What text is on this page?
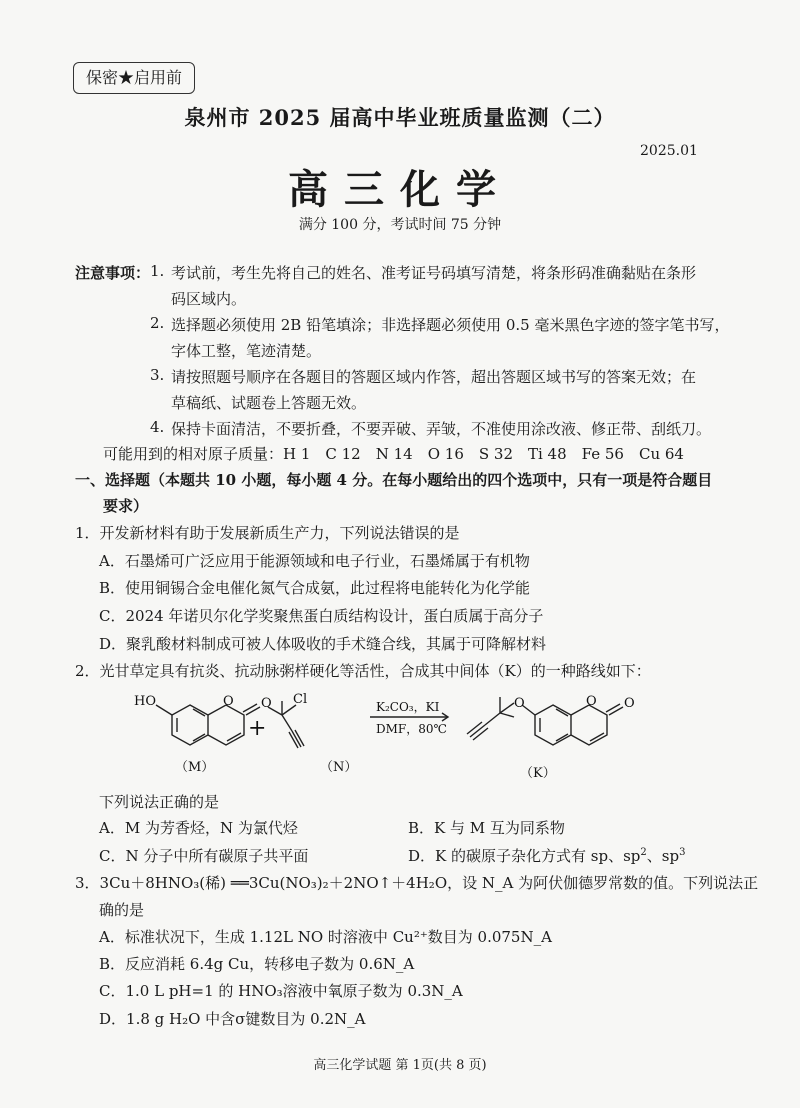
保密★启用前
泉州市 2025 届高中毕业班质量监测（二）
2025.01
高三化学
满分 100 分，考试时间 75 分钟
注意事项： 1. 考试前，考生先将自己的姓名、准考证号码填写清楚，将条形码准确黏贴在条形
码区域内。
2. 选择题必须使用 2B 铅笔填涂；非选择题必须使用 0.5 毫米黑色字迹的签字笔书写，
字体工整，笔迹清楚。
3. 请按照题号顺序在各题目的答题区域内作答，超出答题区域书写的答案无效；在
草稿纸、试题卷上答题无效。
4. 保持卡面清洁，不要折叠，不要弄破、弄皱，不准使用涂改液、修正带、刮纸刀。
可能用到的相对原子质量：H 1　C 12　N 14　O 16　S 32　Ti 48　Fe 56　Cu 64
一、选择题（本题共 10 小题，每小题 4 分。在每小题给出的四个选项中，只有一项是符合题目
要求）
1．开发新材料有助于发展新质生产力，下列说法错误的是
A．石墨烯可广泛应用于能源领域和电子行业，石墨烯属于有机物
B．使用铜锡合金电催化氮气合成氨，此过程将电能转化为化学能
C．2024 年诺贝尔化学奖聚焦蛋白质结构设计，蛋白质属于高分子
D．聚乳酸材料制成可被人体吸收的手术缝合线，其属于可降解材料
2．光甘草定具有抗炎、抗动脉粥样硬化等活性，合成其中间体（K）的一种路线如下：
HO	O O Cl	O	O O
+
K₂CO₃，KI
DMF，80℃
（M）	（N）	（K）
下列说法正确的是
A．M 为芳香烃，N 为氯代烃	B．K 与 M 互为同系物
C．N 分子中所有碳原子共平面	D．K 的碳原子杂化方式有 sp、$sp^2$、$sp^3$
3．3Cu＋8HNO₃(稀) ══3Cu(NO₃)₂＋2NO↑＋4H₂O，设 N_A 为阿伏伽德罗常数的值。下列说法正
确的是
A．标准状况下，生成 1.12L NO 时溶液中 Cu²⁺数目为 0.075N_A
B．反应消耗 6.4g Cu，转移电子数为 0.6N_A
C．1.0 L pH=1 的 HNO₃溶液中氧原子数为 0.3N_A
D．1.8 g H₂O 中含σ键数目为 0.2N_A
高三化学试题 第 1页(共 8 页)
